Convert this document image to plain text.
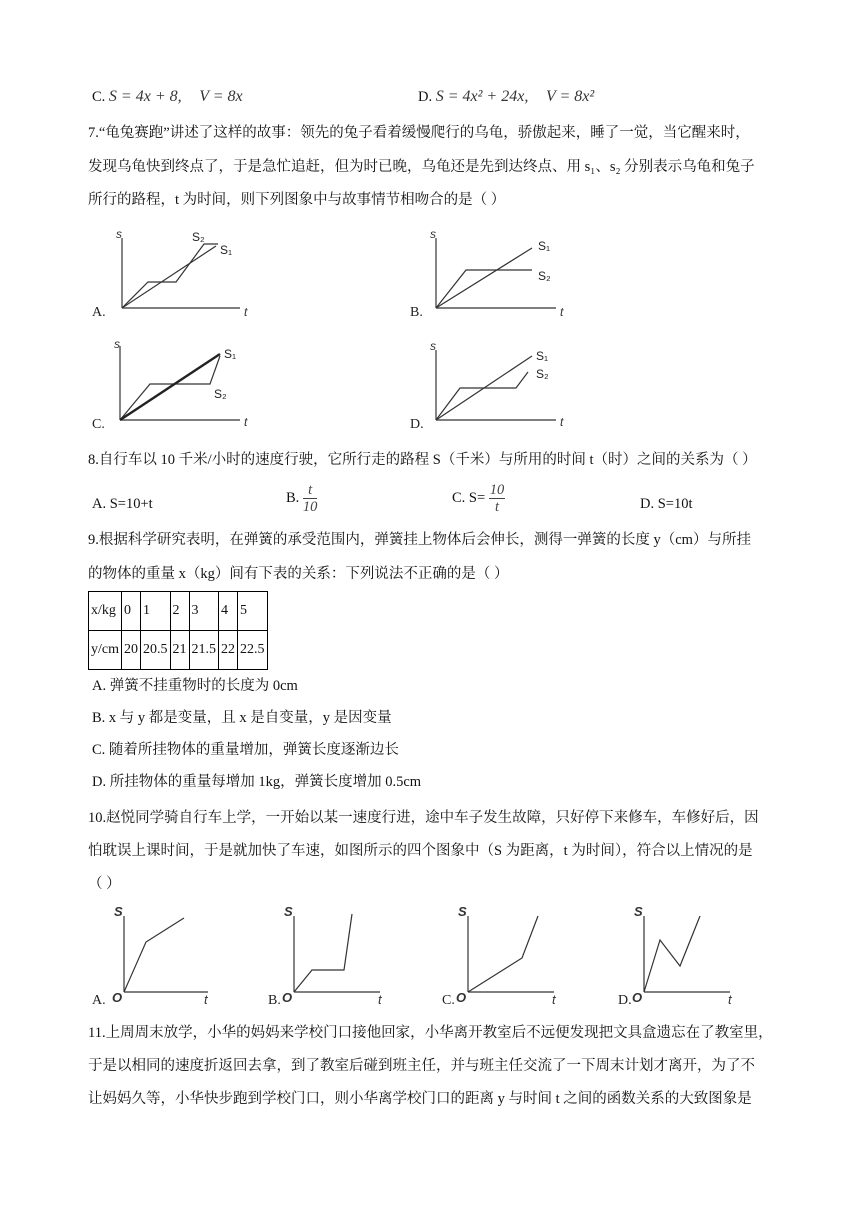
C. S = 4x + 8, V = 8x	D. S = 4x² + 24x, V = 8x²
7.“龟兔赛跑”讲述了这样的故事：领先的兔子看着缓慢爬行的乌龟，骄傲起来，睡了一觉，当它醒来时，
发现乌龟快到终点了，于是急忙追赶，但为时已晚，乌龟还是先到达终点、用 s₁、s₂ 分别表示乌龟和兔子
所行的路程，t 为时间，则下列图象中与故事情节相吻合的是（ ）
s
t
S₂
S₁
A.
s
t
S₁
S₂
B.
s
t
S₁
S₂
C.
s
t
S₁
S₂
D.
8.自行车以 10 千米/小时的速度行驶，它所行走的路程 S（千米）与所用的时间 t（时）之间的关系为（ ）
A. S=10+t	B. $\frac{t}{10}$	C. $S= \frac{10}{t}$	D. S=10t
9.根据科学研究表明，在弹簧的承受范围内，弹簧挂上物体后会伸长，测得一弹簧的长度 y（cm）与所挂
的物体的重量 x（kg）间有下表的关系：下列说法不正确的是（ ）
x/kg	0	1	2	3	4	5
y/cm	20	20.5	21	21.5	22	22.5
A. 弹簧不挂重物时的长度为 0cm
B. x 与 y 都是变量，且 x 是自变量，y 是因变量
C. 随着所挂物体的重量增加，弹簧长度逐渐边长
D. 所挂物体的重量每增加 1kg，弹簧长度增加 0.5cm
10.赵悦同学骑自行车上学，一开始以某一速度行进，途中车子发生故障，只好停下来修车，车修好后，因
怕耽误上课时间，于是就加快了车速，如图所示的四个图象中（S 为距离，t 为时间），符合以上情况的是
（ ）
S
t
O
A.
S
t
O
B.
S
t
O
C.
S
t
O
D.
11.上周周末放学，小华的妈妈来学校门口接他回家，小华离开教室后不远便发现把文具盒遗忘在了教室里，
于是以相同的速度折返回去拿，到了教室后碰到班主任，并与班主任交流了一下周末计划才离开，为了不
让妈妈久等，小华快步跑到学校门口，则小华离学校门口的距离 y 与时间 t 之间的函数关系的大致图象是
